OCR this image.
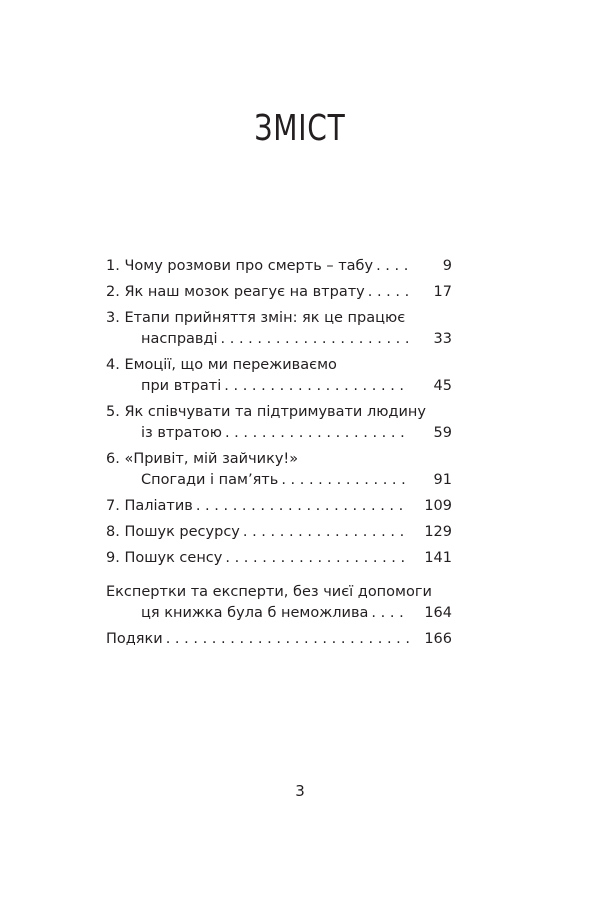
ЗМІСТ
1. Чому розмови про смерть – табу . . .	9
2. Як наш мозок реагує на втрату . . .	17
3. Етапи прийняття змін: як це працює
насправді . . .	33
4. Емоції, що ми переживаємо
при втраті . . .	45
5. Як співчувати та підтримувати людину
із втратою . . .	59
6. «Привіт, мій зайчику!»
Спогади і пам’ять . . .	91
7. Паліатив . . .	109
8. Пошук ресурсу . . .	129
9. Пошук сенсу . . .	141
Експертки та експерти, без чиєї допомоги
ця книжка була б неможлива . . .	164
Подяки . . .	166
3
